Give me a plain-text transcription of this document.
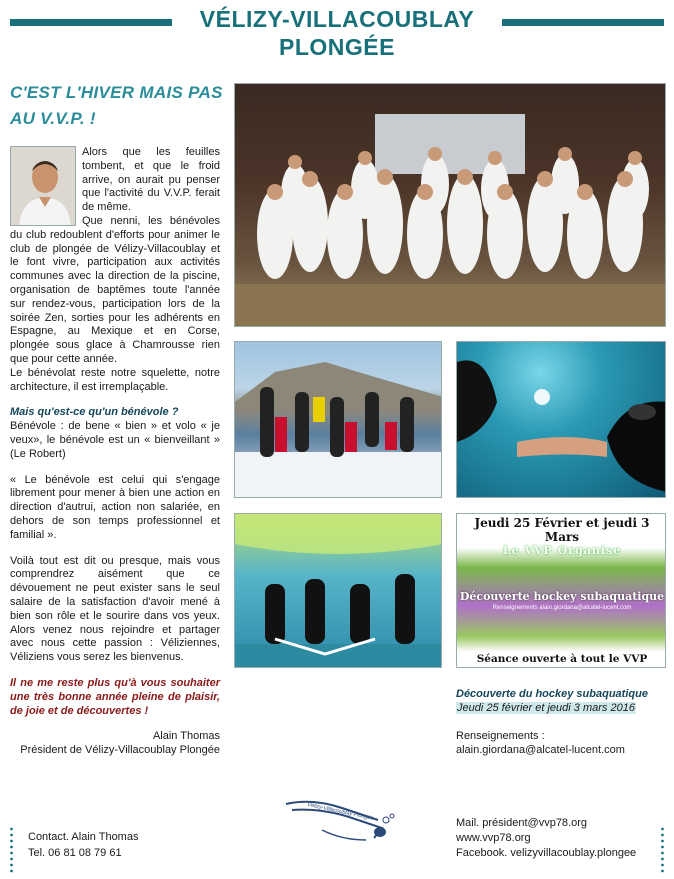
VÉLIZY-VILLACOUBLAY
PLONGÉE
C'EST L'HIVER MAIS PAS
AU V.V.P. !

Alors que les feuilles

tombent, et que le froid

arrive, on aurait pu penser

que l'activité du V.V.P. ferait

de même.

Que nenni, les bénévoles du club redoublent d'efforts pour animer le club de plongée de Vélizy-Villacoublay et le font vivre, participation aux activités communes avec la direction de la piscine, organisation de baptêmes toute l'année sur rendez-vous, participation lors de la soirée Zen, sorties pour les adhérents en Espagne, au Mexique et en Corse, plongée sous glace à Chamrousse rien que pour cette année.

Le bénévolat reste notre squelette, notre architecture, il est irremplaçable.

Mais qu'est-ce qu'un bénévole ?

Bénévole : de bene « bien » et volo « je veux», le bénévole est un « bienveillant » (Le Robert)

« Le bénévole est celui qui s'engage librement pour mener à bien une action en direction d'autrui, action non salariée, en dehors de son temps professionnel et familial ».

Voilà tout est dit ou presque, mais vous comprendrez aisément que ce dévouement ne peut exister sans le seul salaire de la satisfaction d'avoir mené à bien son rôle et le sourire dans vos yeux. Alors venez nous rejoindre et partager avec nous cette passion : Véliziennes, Véliziens vous serez les bienvenus.

Il ne me reste plus qu'à vous souhaiter une très bonne année pleine de plaisir, de joie et de découvertes !

Alain Thomas

Président de Vélizy-Villacoublay Plongée

Jeudi 25 Février et jeudi 3 Mars
Le VVP Organise
Découverte hockey subaquatique
Renseignements alain.giordana@alcatel-lucent.com
Séance ouverte à tout le VVP
Découverte du hockey subaquatique
Jeudi 25 février et jeudi 3 mars 2016
Renseignements :
alain.giordana@alcatel-lucent.com
Contact. Alain Thomas
Tel. 06 81 08 79 61
Vélizy-Villacoublay Plongée
Mail. président@vvp78.org
www.vvp78.org
Facebook. velizyvillacoublay.plongee
